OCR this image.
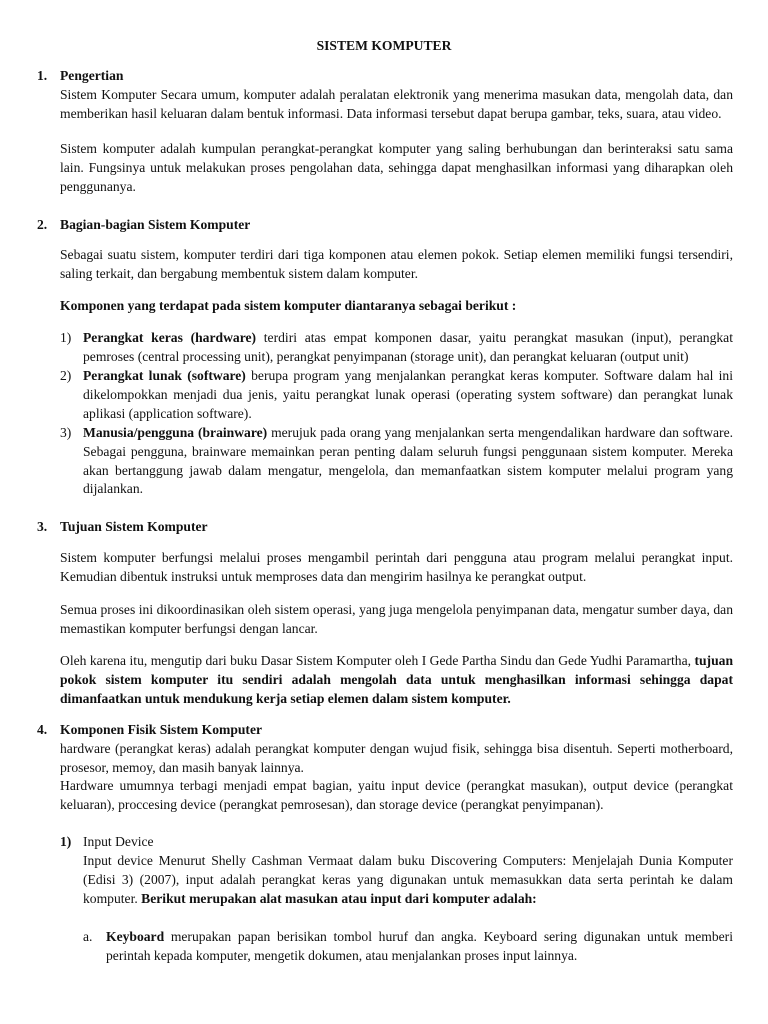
SISTEM KOMPUTER
1. Pengertian
Sistem Komputer Secara umum, komputer adalah peralatan elektronik yang menerima masukan data, mengolah data, dan memberikan hasil keluaran dalam bentuk informasi. Data informasi tersebut dapat berupa gambar, teks, suara, atau video.
Sistem komputer adalah kumpulan perangkat-perangkat komputer yang saling berhubungan dan berinteraksi satu sama lain. Fungsinya untuk melakukan proses pengolahan data, sehingga dapat menghasilkan informasi yang diharapkan oleh penggunanya.
2. Bagian-bagian Sistem Komputer
Sebagai suatu sistem, komputer terdiri dari tiga komponen atau elemen pokok. Setiap elemen memiliki fungsi tersendiri, saling terkait, dan bergabung membentuk sistem dalam komputer.
Komponen yang terdapat pada sistem komputer diantaranya sebagai berikut :
1) Perangkat keras (hardware) terdiri atas empat komponen dasar, yaitu perangkat masukan (input), perangkat pemroses (central processing unit), perangkat penyimpanan (storage unit), dan perangkat keluaran (output unit)
2) Perangkat lunak (software) berupa program yang menjalankan perangkat keras komputer. Software dalam hal ini dikelompokkan menjadi dua jenis, yaitu perangkat lunak operasi (operating system software) dan perangkat lunak aplikasi (application software).
3) Manusia/pengguna (brainware) merujuk pada orang yang menjalankan serta mengendalikan hardware dan software. Sebagai pengguna, brainware memainkan peran penting dalam seluruh fungsi penggunaan sistem komputer. Mereka akan bertanggung jawab dalam mengatur, mengelola, dan memanfaatkan sistem komputer melalui program yang dijalankan.
3. Tujuan Sistem Komputer
Sistem komputer berfungsi melalui proses mengambil perintah dari pengguna atau program melalui perangkat input. Kemudian dibentuk instruksi untuk memproses data dan mengirim hasilnya ke perangkat output.
Semua proses ini dikoordinasikan oleh sistem operasi, yang juga mengelola penyimpanan data, mengatur sumber daya, dan memastikan komputer berfungsi dengan lancar.
Oleh karena itu, mengutip dari buku Dasar Sistem Komputer oleh I Gede Partha Sindu dan Gede Yudhi Paramartha, tujuan pokok sistem komputer itu sendiri adalah mengolah data untuk menghasilkan informasi sehingga dapat dimanfaatkan untuk mendukung kerja setiap elemen dalam sistem komputer.
4. Komponen Fisik Sistem Komputer
hardware (perangkat keras) adalah perangkat komputer dengan wujud fisik, sehingga bisa disentuh. Seperti motherboard, prosesor, memoy, dan masih banyak lainnya.
Hardware umumnya terbagi menjadi empat bagian, yaitu input device (perangkat masukan), output device (perangkat keluaran), proccesing device (perangkat pemrosesan), dan storage device (perangkat penyimpanan).
1) Input Device
Input device Menurut Shelly Cashman Vermaat dalam buku Discovering Computers: Menjelajah Dunia Komputer (Edisi 3) (2007), input adalah perangkat keras yang digunakan untuk memasukkan data serta perintah ke dalam komputer. Berikut merupakan alat masukan atau input dari komputer adalah:
a. Keyboard merupakan papan berisikan tombol huruf dan angka. Keyboard sering digunakan untuk memberi perintah kepada komputer, mengetik dokumen, atau menjalankan proses input lainnya.
